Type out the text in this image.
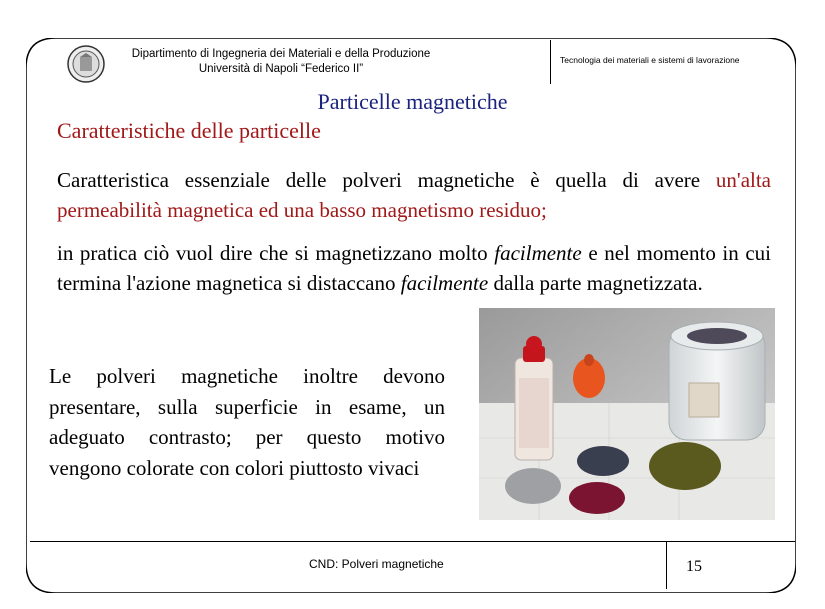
Dipartimento di Ingegneria dei Materiali e della Produzione
Università di Napoli “Federico II”
Tecnologia dei materiali e sistemi di lavorazione
Particelle magnetiche
Caratteristiche delle particelle
Caratteristica essenziale delle polveri magnetiche è quella di avere un'alta permeabilità magnetica ed una basso magnetismo residuo;
in pratica ciò vuol dire che si magnetizzano molto facilmente e nel momento in cui termina l'azione magnetica si distaccano facilmente dalla parte magnetizzata.
Le polveri magnetiche inoltre devono presentare, sulla superficie in esame, un adeguato contrasto; per questo motivo vengono colorate con colori piuttosto vivaci
CND: Polveri magnetiche	15
